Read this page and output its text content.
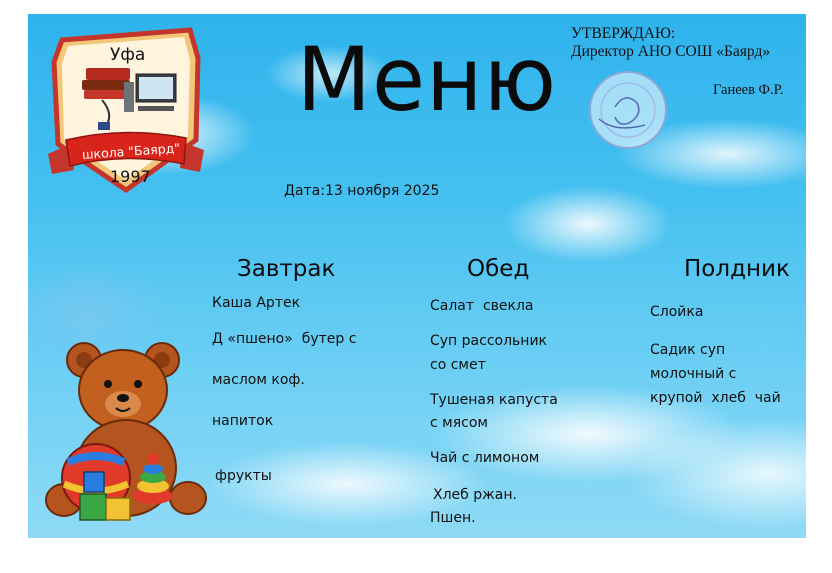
Уфа
школа "Баярд"
1997
Меню УТВЕРЖДАЮ:
Директор АНО СОШ «Баярд»
Ганеев Ф.Р.
Дата:13 ноября 2025
Завтрак	Обед	Полдник
Каша Артек
Д «пшено»  бутер с
маслом коф.
напиток
фрукты
Салат  свекла
Суп рассольник
со смет
Тушеная капуста
с мясом
Чай с лимоном
Хлеб ржан.
Пшен.
Слойка
Садик суп
молочный с
крупой  хлеб  чай
